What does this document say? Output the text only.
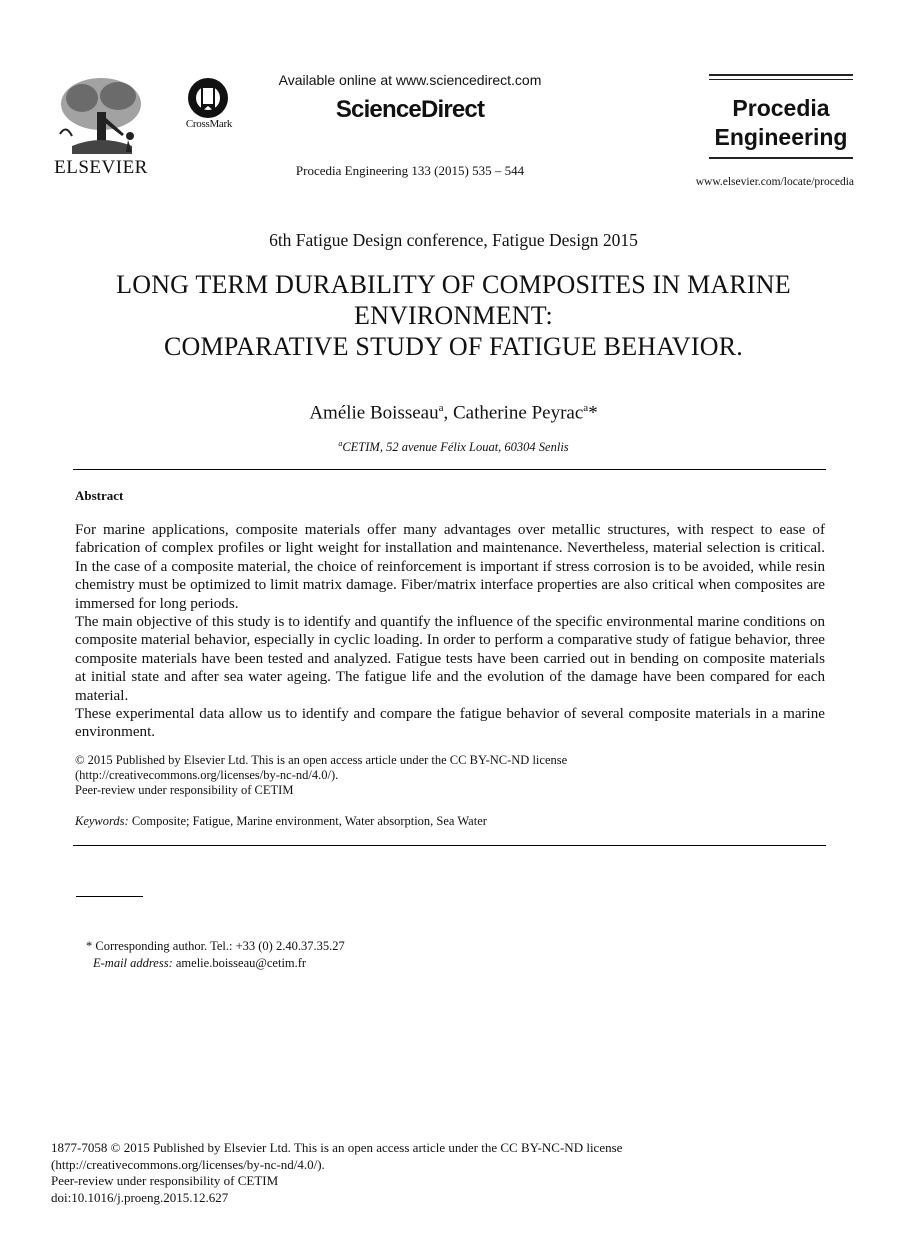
ELSEVIER
CrossMark
Available online at www.sciencedirect.com
ScienceDirect
Procedia Engineering 133 (2015) 535 – 544
Procedia
Engineering
www.elsevier.com/locate/procedia
6th Fatigue Design conference, Fatigue Design 2015
LONG TERM DURABILITY OF COMPOSITES IN MARINE
ENVIRONMENT:
COMPARATIVE STUDY OF FATIGUE BEHAVIOR.
Amélie Boisseau$^a$, Catherine Peyrac$^a$*
$^a$CETIM, 52 avenue Félix Louat, 60304 Senlis
Abstract

For marine applications, composite materials offer many advantages over metallic structures, with respect to ease of fabrication of complex profiles or light weight for installation and maintenance. Nevertheless, material selection is critical. In the case of a composite material, the choice of reinforcement is important if stress corrosion is to be avoided, while resin chemistry must be optimized to limit matrix damage. Fiber/matrix interface properties are also critical when composites are immersed for long periods.

The main objective of this study is to identify and quantify the influence of the specific environmental marine conditions on composite material behavior, especially in cyclic loading. In order to perform a comparative study of fatigue behavior, three composite materials have been tested and analyzed. Fatigue tests have been carried out in bending on composite materials at initial state and after sea water ageing. The fatigue life and the evolution of the damage have been compared for each material.

These experimental data allow us to identify and compare the fatigue behavior of several composite materials in a marine environment.

© 2015 Published by Elsevier Ltd. This is an open access article under the CC BY-NC-ND license
(http://creativecommons.org/licenses/by-nc-nd/4.0/).
Peer-review under responsibility of CETIM
Keywords: Composite; Fatigue, Marine environment, Water absorption, Sea Water
* Corresponding author. Tel.: +33 (0) 2.40.37.35.27
E-mail address: amelie.boisseau@cetim.fr
1877-7058 © 2015 Published by Elsevier Ltd. This is an open access article under the CC BY-NC-ND license
(http://creativecommons.org/licenses/by-nc-nd/4.0/).
Peer-review under responsibility of CETIM
doi:10.1016/j.proeng.2015.12.627
